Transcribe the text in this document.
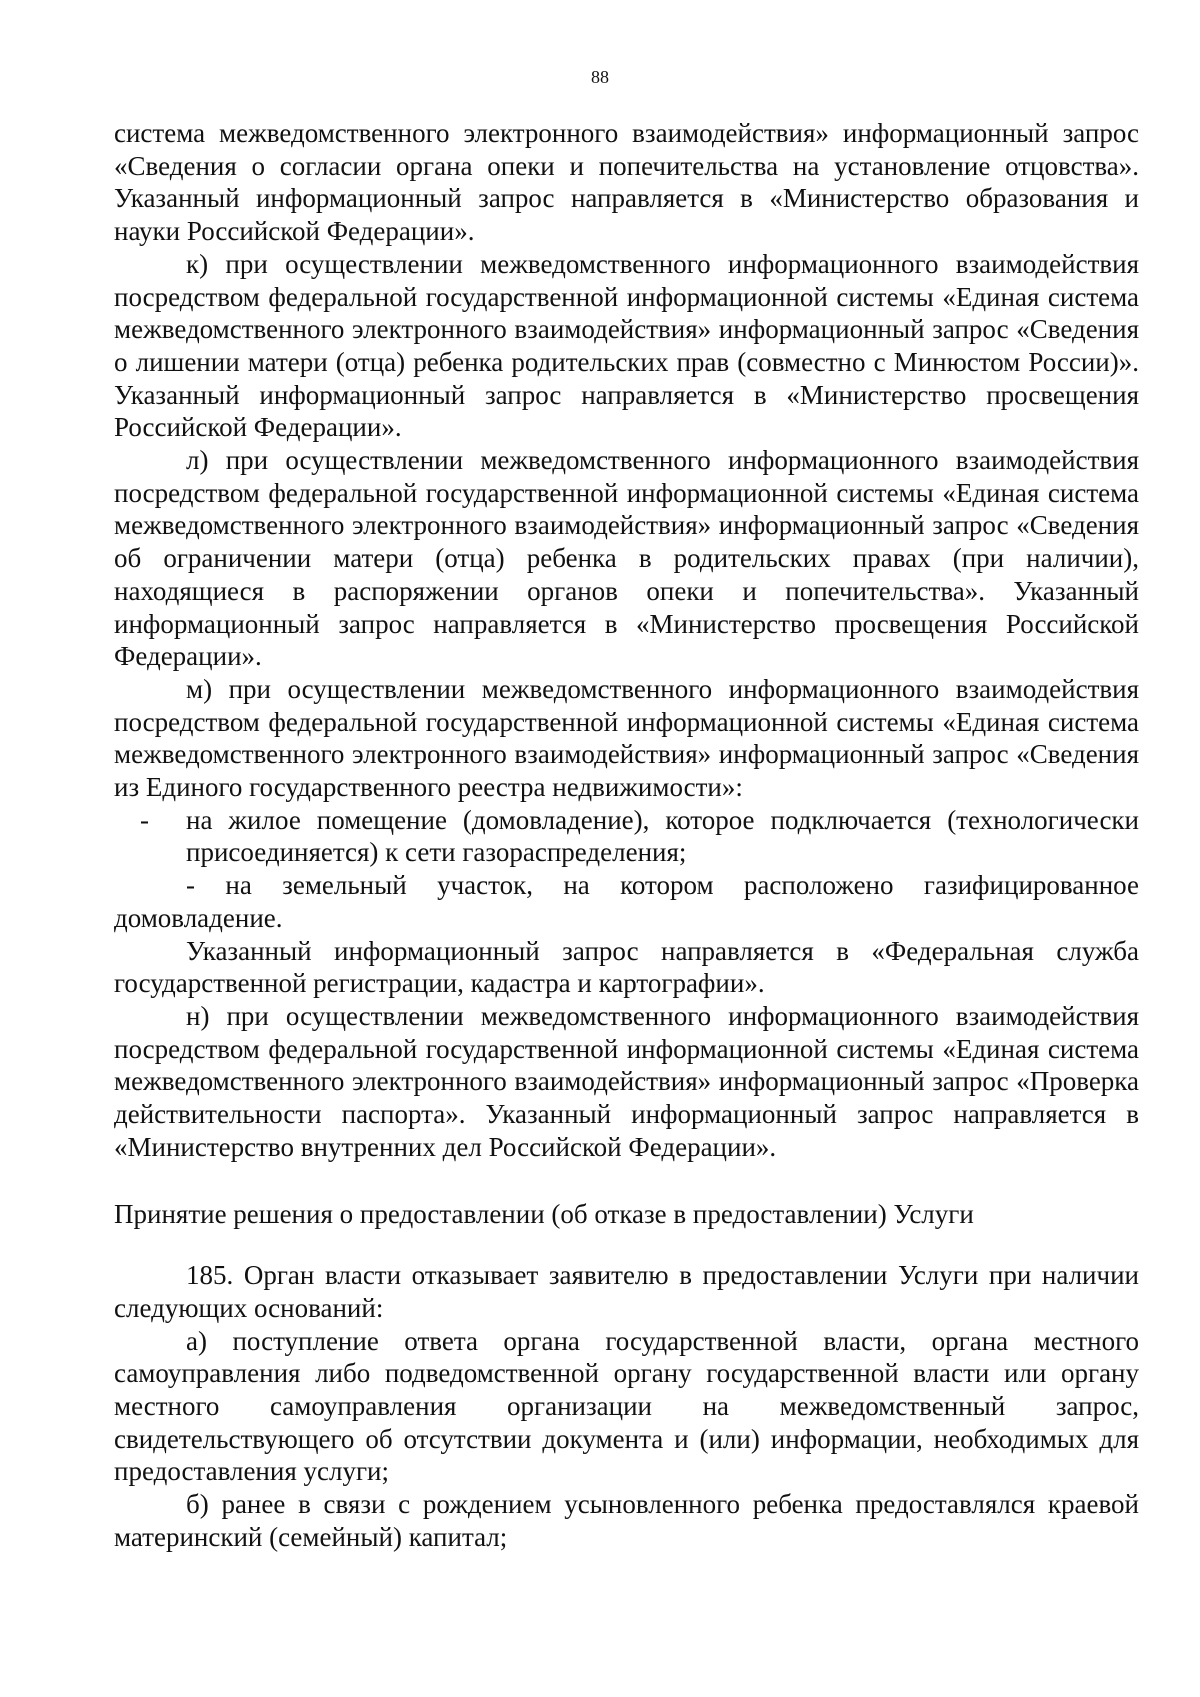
88

система межведомственного электронного взаимодействия» информационный запрос «Сведения о согласии органа опеки и попечительства на установление отцовства». Указанный информационный запрос направляется в «Министерство образования и науки Российской Федерации».

к) при осуществлении межведомственного информационного взаимодействия посредством федеральной государственной информационной системы «Единая система межведомственного электронного взаимодействия» информационный запрос «Сведения о лишении матери (отца) ребенка родительских прав (совместно с Минюстом России)». Указанный информационный запрос направляется в «Министерство просвещения Российской Федерации».

л) при осуществлении межведомственного информационного взаимодействия посредством федеральной государственной информационной системы «Единая система межведомственного электронного взаимодействия» информационный запрос «Сведения об ограничении матери (отца) ребенка в родительских правах (при наличии), находящиеся в распоряжении органов опеки и попечительства». Указанный информационный запрос направляется в «Министерство просвещения Российской Федерации».

м) при осуществлении межведомственного информационного взаимодействия посредством федеральной государственной информационной системы «Единая система межведомственного электронного взаимодействия» информационный запрос «Сведения из Единого государственного реестра недвижимости»:

- на жилое помещение (домовладение), которое подключается (технологически присоединяется) к сети газораспределения;

- на земельный участок, на котором расположено газифицированное домовладение.

Указанный информационный запрос направляется в «Федеральная служба государственной регистрации, кадастра и картографии».

н) при осуществлении межведомственного информационного взаимодействия посредством федеральной государственной информационной системы «Единая система межведомственного электронного взаимодействия» информационный запрос «Проверка действительности паспорта». Указанный информационный запрос направляется в «Министерство внутренних дел Российской Федерации».

Принятие решения о предоставлении (об отказе в предоставлении) Услуги

185. Орган власти отказывает заявителю в предоставлении Услуги при наличии следующих оснований:

а) поступление ответа органа государственной власти, органа местного самоуправления либо подведомственной органу государственной власти или органу местного самоуправления организации на межведомственный запрос, свидетельствующего об отсутствии документа и (или) информации, необходимых для предоставления услуги;

б) ранее в связи с рождением усыновленного ребенка предоставлялся краевой материнский (семейный) капитал;
